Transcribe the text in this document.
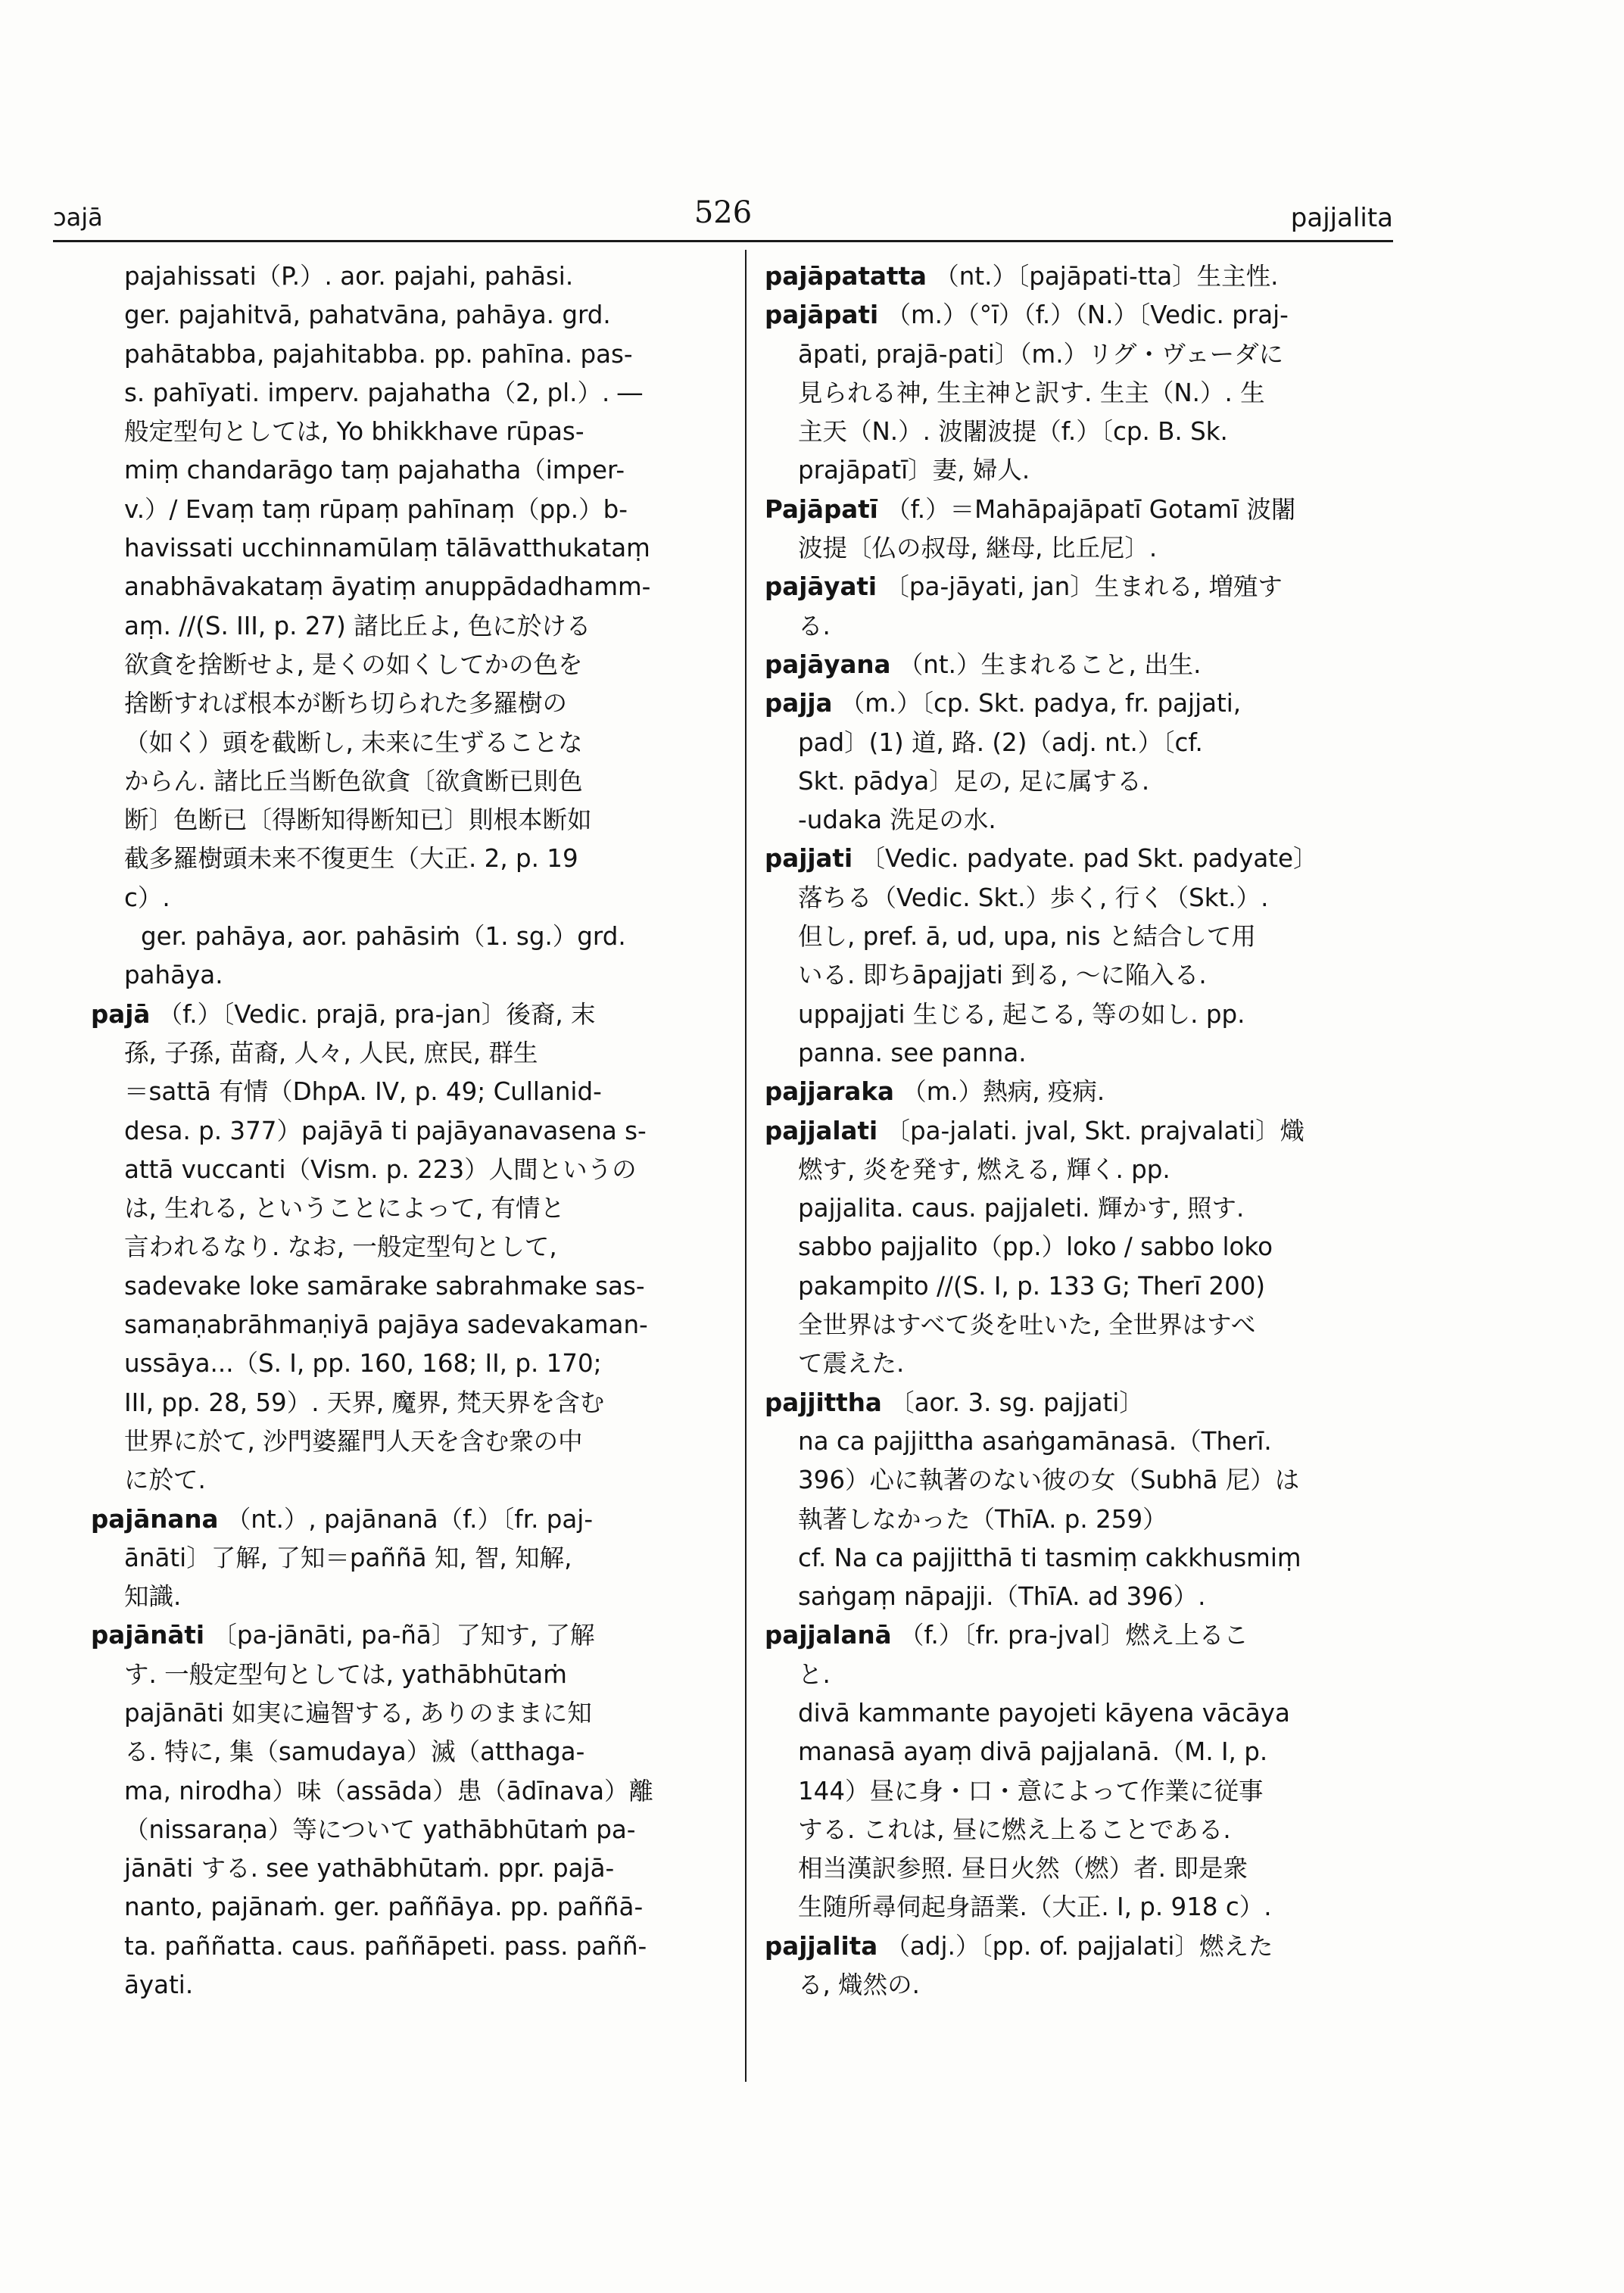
ɔajā	526	pajjalita
pajahissati（P.）. aor. pajahi, pahāsi.
ger. pajahitvā, pahatvāna, pahāya. grd.
pahātabba, pajahitabba. pp. pahīna. pas-
s. pahīyati. imperv. pajahatha（2, pl.）. ―
般定型句としては, Yo bhikkhave rūpas-
miṃ chandarāgo taṃ pajahatha（imper-
v.）/ Evaṃ taṃ rūpaṃ pahīnaṃ（pp.）b-
havissati ucchinnamūlaṃ tālāvatthukataṃ
anabhāvakataṃ āyatiṃ anuppādadhamm-
aṃ. //(S. III, p. 27) 諸比丘よ, 色に於ける
欲貪を捨断せよ, 是くの如くしてかの色を
捨断すれば根本が断ち切られた多羅樹の
（如く）頭を截断し, 未来に生ずることな
からん. 諸比丘当断色欲貪〔欲貪断已則色
断〕色断已〔得断知得断知已〕則根本断如
截多羅樹頭未来不復更生（大正. 2, p. 19
c）.
ger. pahāya, aor. pahāsiṁ（1. sg.）grd.
pahāya.
pajā （f.）〔Vedic. prajā, pra-jan〕後裔, 末
孫, 子孫, 苗裔, 人々, 人民, 庶民, 群生
＝sattā 有情（DhpA. IV, p. 49; Cullanid-
desa. p. 377）pajāyā ti pajāyanavasena s-
attā vuccanti（Vism. p. 223）人間というの
は, 生れる, ということによって, 有情と
言われるなり. なお, 一般定型句として,
sadevake loke samārake sabrahmake sas-
samaṇabrāhmaṇiyā pajāya sadevakaman-
ussāya...（S. I, pp. 160, 168; II, p. 170;
III, pp. 28, 59）. 天界, 魔界, 梵天界を含む
世界に於て, 沙門婆羅門人天を含む衆の中
に於て.
pajānana （nt.）, pajānanā（f.）〔fr. paj-
ānāti〕了解, 了知＝paññā 知, 智, 知解,
知識.
pajānāti 〔pa-jānāti, pa-ñā〕了知す, 了解
す. 一般定型句としては, yathābhūtaṁ
pajānāti 如実に遍智する, ありのままに知
る. 特に, 集（samudaya）滅（atthaga-
ma, nirodha）味（assāda）患（ādīnava）離
（nissaraṇa）等について yathābhūtaṁ pa-
jānāti する. see yathābhūtaṁ. ppr. pajā-
nanto, pajānaṁ. ger. paññāya. pp. paññā-
ta. paññatta. caus. paññāpeti. pass. paññ-
āyati.
pajāpatatta （nt.）〔pajāpati-tta〕生主性.
pajāpati （m.）（°ī）（f.）（N.）〔Vedic. praj-
āpati, prajā-pati〕（m.）リグ・ヴェーダに
見られる神, 生主神と訳す. 生主（N.）. 生
主天（N.）. 波闍波提（f.）〔cp. B. Sk.
prajāpatī〕妻, 婦人.
Pajāpatī （f.）＝Mahāpajāpatī Gotamī 波闍
波提〔仏の叔母, 継母, 比丘尼〕.
pajāyati 〔pa-jāyati, jan〕生まれる, 増殖す
る.
pajāyana （nt.）生まれること, 出生.
pajja （m.）〔cp. Skt. padya, fr. pajjati,
pad〕(1) 道, 路. (2)（adj. nt.）〔cf.
Skt. pādya〕足の, 足に属する.
-udaka 洗足の水.
pajjati 〔Vedic. padyate. pad Skt. padyate〕
落ちる（Vedic. Skt.）歩く, 行く（Skt.）.
但し, pref. ā, ud, upa, nis と結合して用
いる. 即ちāpajjati 到る, ～に陥入る.
uppajjati 生じる, 起こる, 等の如し. pp.
panna. see panna.
pajjaraka （m.）熱病, 疫病.
pajjalati 〔pa-jalati. jval, Skt. prajvalati〕熾
燃す, 炎を発す, 燃える, 輝く. pp.
pajjalita. caus. pajjaleti. 輝かす, 照す.
sabbo pajjalito（pp.）loko / sabbo loko
pakampito //(S. I, p. 133 G; Therī 200)
全世界はすべて炎を吐いた, 全世界はすべ
て震えた.
pajjittha 〔aor. 3. sg. pajjati〕
na ca pajjittha asaṅgamānasā.（Therī.
396）心に執著のない彼の女（Subhā 尼）は
執著しなかった（ThīA. p. 259）
cf. Na ca pajjitthā ti tasmiṃ cakkhusmiṃ
saṅgaṃ nāpajji.（ThīA. ad 396）.
pajjalanā （f.）〔fr. pra-jval〕燃え上るこ
と.
divā kammante payojeti kāyena vācāya
manasā ayaṃ divā pajjalanā.（M. I, p.
144）昼に身・口・意によって作業に従事
する. これは, 昼に燃え上ることである.
相当漢訳参照. 昼日火然（燃）者. 即是衆
生随所尋伺起身語業.（大正. I, p. 918 c）.
pajjalita （adj.）〔pp. of. pajjalati〕燃えた
る, 熾然の.
